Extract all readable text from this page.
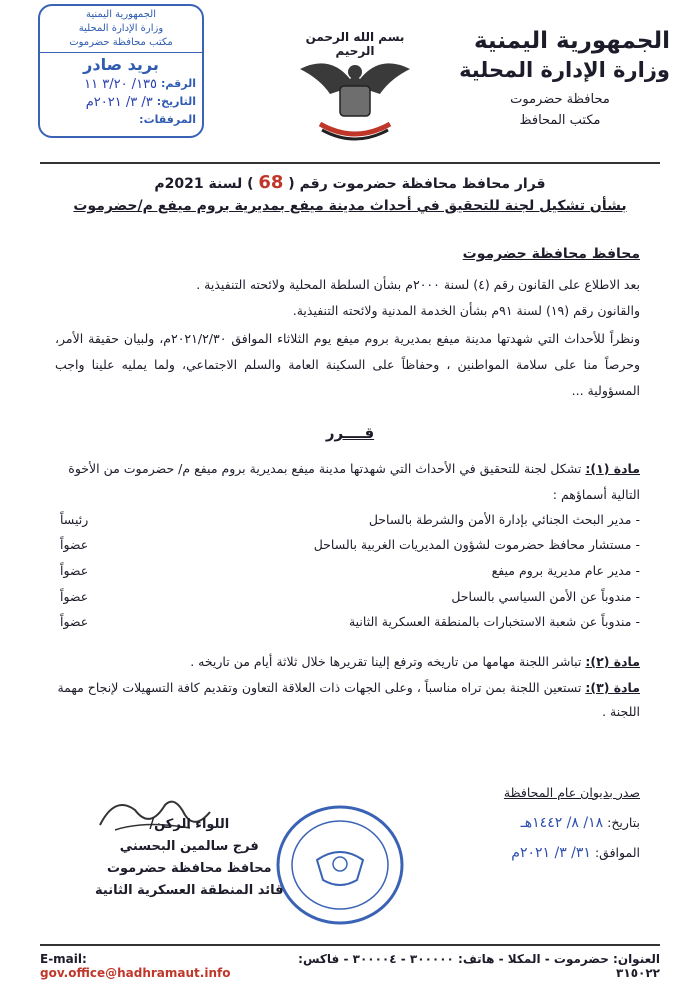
الجمهورية اليمنية
وزارة الإدارة المحلية
محافظة حضرموت
مكتب المحافظ
بسم الله الرحمن الرحيم
الجمهورية اليمنية
وزارة الإدارة المحلية
مكتب محافظة حضرموت
بريد صادر
الرقم:
١٣٥/ ٣/٢٠ ١١
التاريخ:
٣/ ٣/ ٢٠٢١م
المرفقات:
قرار محافظ محافظة حضرموت رقم ( 68 ) لسنة 2021م
بشأن تشكيل لجنة للتحقيق في أحداث مدينة ميفع بمديرية بروم ميفع م/حضرموت
محافظ محافظة حضرموت
بعد الاطلاع على القانون رقم (٤) لسنة ٢٠٠٠م بشأن السلطة المحلية ولائحته التنفيذية .
والقانون رقم (١٩) لسنة ٩١م بشأن الخدمة المدنية ولائحته التنفيذية.
ونظراً للأحداث التي شهدتها مدينة ميفع بمديرية بروم ميفع يوم الثلاثاء الموافق ٢٠٢١/٢/٣٠م، ولبيان حقيقة الأمر، وحرصاً منا على سلامة المواطنين ، وحفاظاً على السكينة العامة والسلم الاجتماعي، ولما يمليه علينا واجب المسؤولية ...
قــــرر
مادة (١): تشكل لجنة للتحقيق في الأحداث التي شهدتها مدينة ميفع بمديرية بروم ميفع م/ حضرموت من الأخوة التالية أسماؤهم :
- مدير البحث الجنائي بإدارة الأمن والشرطة بالساحل
رئيساً
- مستشار محافظ حضرموت لشؤون المديريات الغربية بالساحل
عضواً
- مدير عام مديرية بروم ميفع
عضواً
- مندوباً عن الأمن السياسي بالساحل
عضواً
- مندوباً عن شعبة الاستخبارات بالمنطقة العسكرية الثانية
عضواً
مادة (٢): تباشر اللجنة مهامها من تاريخه وترفع إلينا تقريرها خلال ثلاثة أيام من تاريخه .
مادة (٣): تستعين اللجنة بمن تراه مناسباً ، وعلى الجهات ذات العلاقة التعاون وتقديم كافة التسهيلات لإنجاح مهمة اللجنة .
صدر بديوان عام المحافظة
بتاريخ: ١٨/ ٨/ ١٤٤٢هـ
الموافق: ٣١/ ٣/ ٢٠٢١م
اللواء الركن/
فرج سالمين البحسني
محافظ محافظة حضرموت
قائد المنطقة العسكرية الثانية
E-mail: gov.office@hadhramaut.info
العنوان: حضرموت - المكلا - هاتف: ٣٠٠٠٠٠ - ٣٠٠٠٠٤ - فاكس: ٣١٥٠٢٢
